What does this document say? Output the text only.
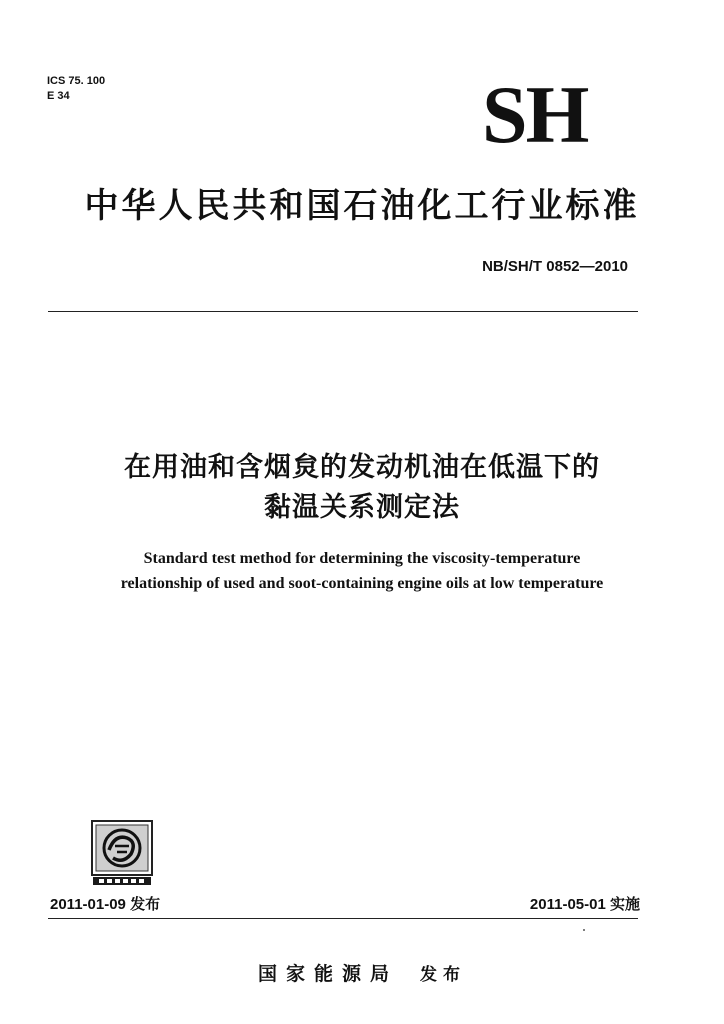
ICS 75. 100
E 34	SH
中华人民共和国石油化工行业标准
NB/SH/T 0852—2010
在用油和含烟炱的发动机油在低温下的
黏温关系测定法
Standard test method for determining the viscosity-temperature
relationship of used and soot-containing engine oils at low temperature
2011-01-09 发布	2011-05-01 实施
国家能源局 发布
